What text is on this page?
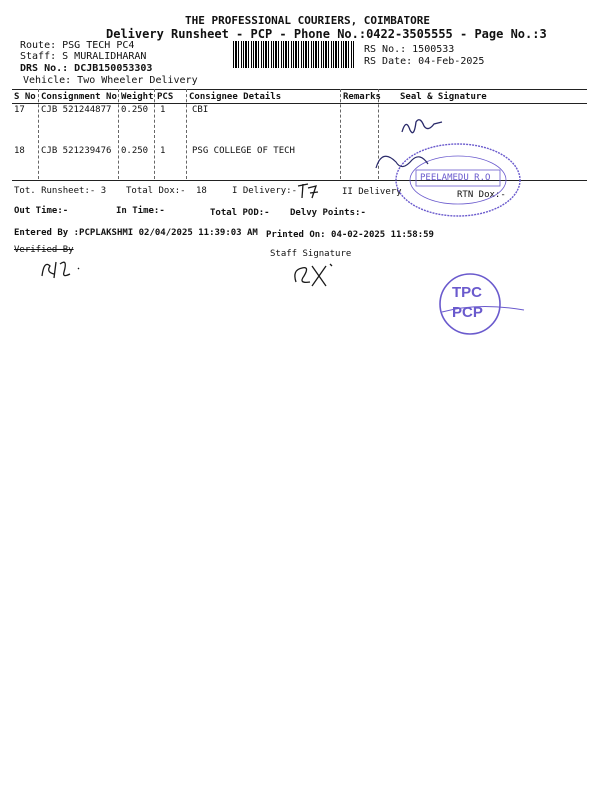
THE PROFESSIONAL COURIERS, COIMBATORE
Delivery Runsheet - PCP - Phone No.:0422-3505555 - Page No.:3
Route: PSG TECH PC4
Staff: S MURALIDHARAN
DRS No.: DCJB150053303
Vehicle: Two Wheeler Delivery
RS No.: 1500533
RS Date: 04-Feb-2025
S No Consignment No Weight PCS Consignee Details	Remarks Seal & Signature
17 CJB 521244877 0.250 1	CBI
18 CJB 521239476 0.250 1	PSG COLLEGE OF TECH
Tot. Runsheet:- 3 Total Dox:- 18	I Delivery:-	II Delivery	RTN Dox:-
Out Time:-	In Time:-	Total POD:- Delvy Points:-
Entered By :PCPLAKSHMI 02/04/2025 11:39:03 AM Printed On: 04-02-2025 11:58:59
Verified By	Staff Signature
PEELAMEDU R.O
TPC
PCP
